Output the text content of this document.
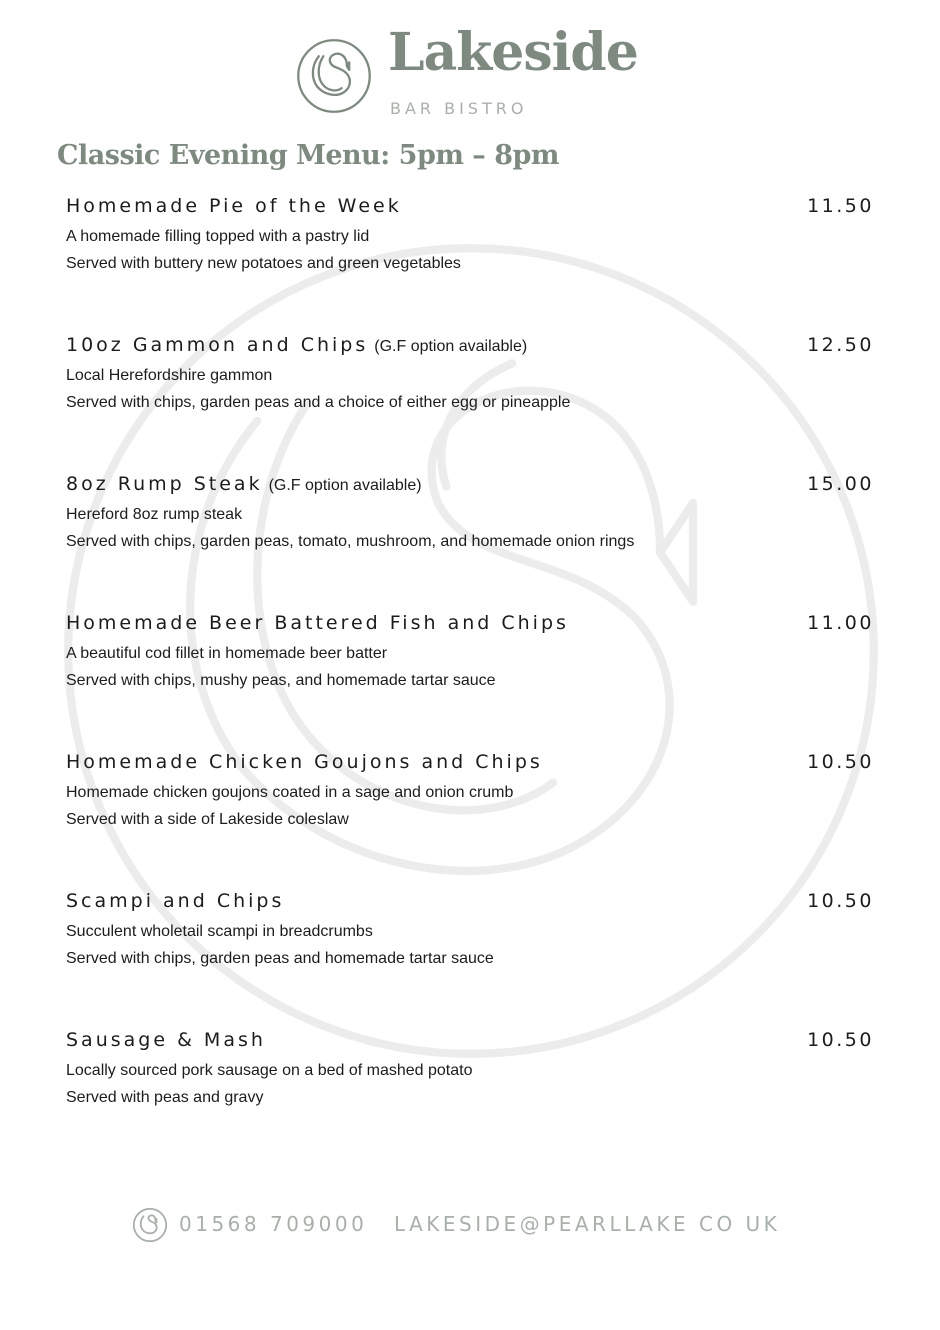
Lakeside
BAR BISTRO
Classic Evening Menu: 5pm – 8pm
Homemade Pie of the Week	11.50
A homemade filling topped with a pastry lid
Served with buttery new potatoes and green vegetables
10oz Gammon and Chips (G.F option available)	12.50
Local Herefordshire gammon
Served with chips, garden peas and a choice of either egg or pineapple
8oz Rump Steak (G.F option available)	15.00
Hereford 8oz rump steak
Served with chips, garden peas, tomato, mushroom, and homemade onion rings
Homemade Beer Battered Fish and Chips	11.00
A beautiful cod fillet in homemade beer batter
Served with chips, mushy peas, and homemade tartar sauce
Homemade Chicken Goujons and Chips	10.50
Homemade chicken goujons coated in a sage and onion crumb
Served with a side of Lakeside coleslaw
Scampi and Chips	10.50
Succulent wholetail scampi in breadcrumbs
Served with chips, garden peas and homemade tartar sauce
Sausage & Mash	10.50
Locally sourced pork sausage on a bed of mashed potato
Served with peas and gravy
01568 709000 LAKESIDE@PEARLLAKE CO UK
